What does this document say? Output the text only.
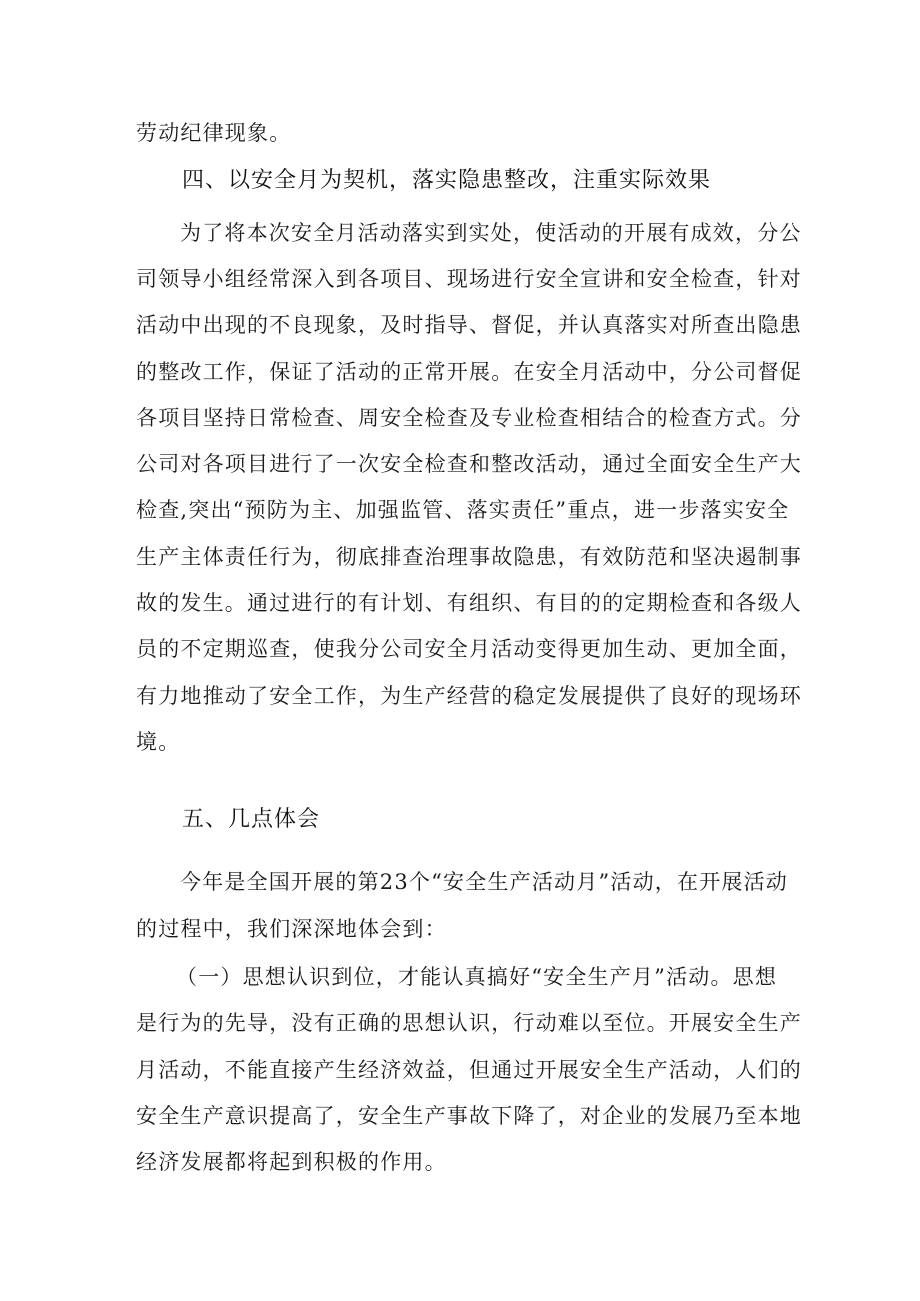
劳动纪律现象。
四、以安全月为契机，落实隐患整改，注重实际效果
为了将本次安全月活动落实到实处，使活动的开展有成效，分公
司领导小组经常深入到各项目、现场进行安全宣讲和安全检查，针对
活动中出现的不良现象，及时指导、督促，并认真落实对所查出隐患
的整改工作，保证了活动的正常开展。在安全月活动中，分公司督促
各项目坚持日常检查、周安全检查及专业检查相结合的检查方式。分
公司对各项目进行了一次安全检查和整改活动，通过全面安全生产大
检查,突出“预防为主、加强监管、落实责任”重点，进一步落实安全
生产主体责任行为，彻底排查治理事故隐患，有效防范和坚决遏制事
故的发生。通过进行的有计划、有组织、有目的的定期检查和各级人
员的不定期巡查，使我分公司安全月活动变得更加生动、更加全面，
有力地推动了安全工作，为生产经营的稳定发展提供了良好的现场环
境。
五、几点体会
今年是全国开展的第23个“安全生产活动月”活动，在开展活动
的过程中，我们深深地体会到：
（一）思想认识到位，才能认真搞好“安全生产月”活动。思想
是行为的先导，没有正确的思想认识，行动难以至位。开展安全生产
月活动，不能直接产生经济效益，但通过开展安全生产活动，人们的
安全生产意识提高了，安全生产事故下降了，对企业的发展乃至本地
经济发展都将起到积极的作用。
